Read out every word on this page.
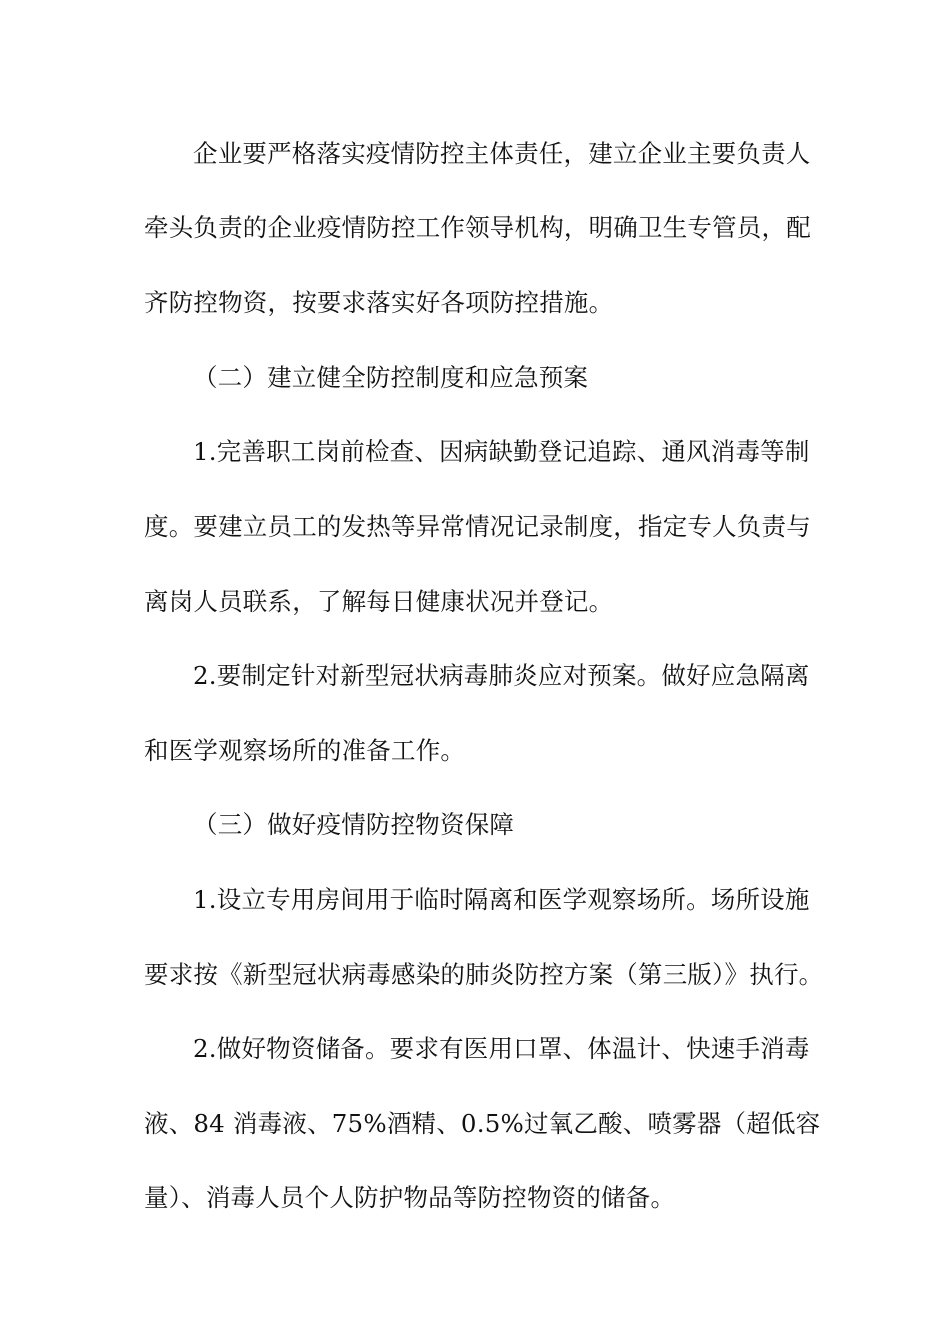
企业要严格落实疫情防控主体责任，建立企业主要负责人
牵头负责的企业疫情防控工作领导机构，明确卫生专管员，配
齐防控物资，按要求落实好各项防控措施。
（二）建立健全防控制度和应急预案
1.完善职工岗前检查、因病缺勤登记追踪、通风消毒等制
度。要建立员工的发热等异常情况记录制度，指定专人负责与
离岗人员联系，了解每日健康状况并登记。
2.要制定针对新型冠状病毒肺炎应对预案。做好应急隔离
和医学观察场所的准备工作。
（三）做好疫情防控物资保障
1.设立专用房间用于临时隔离和医学观察场所。场所设施
要求按《新型冠状病毒感染的肺炎防控方案（第三版）》执行。
2.做好物资储备。要求有医用口罩、体温计、快速手消毒
液、84 消毒液、75%酒精、0.5%过氧乙酸、喷雾器（超低容
量）、消毒人员个人防护物品等防控物资的储备。
